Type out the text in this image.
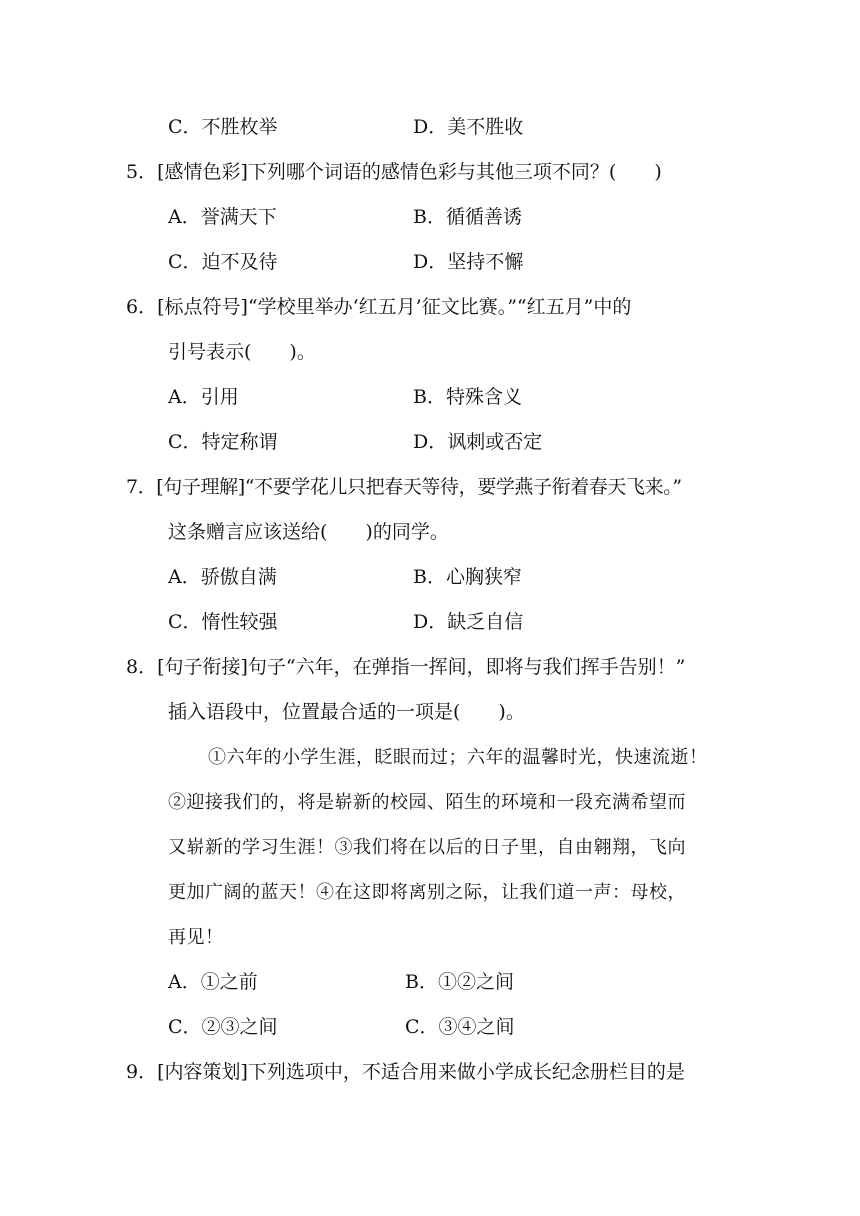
C．不胜枚举	D．美不胜收
5．[感情色彩]下列哪个词语的感情色彩与其他三项不同？(　　)
A．誉满天下	B．循循善诱
C．迫不及待	D．坚持不懈
6．[标点符号]“学校里举办‘红五月’征文比赛。”“红五月”中的
引号表示(　　)。
A．引用	B．特殊含义
C．特定称谓	D．讽刺或否定
7．[句子理解]“不要学花儿只把春天等待，要学燕子衔着春天飞来。”
这条赠言应该送给(　　)的同学。
A．骄傲自满	B．心胸狭窄
C．惰性较强	D．缺乏自信
8．[句子衔接]句子“六年，在弹指一挥间，即将与我们挥手告别！”
插入语段中，位置最合适的一项是(　　)。
①六年的小学生涯，眨眼而过；六年的温馨时光，快速流逝！
②迎接我们的，将是崭新的校园、陌生的环境和一段充满希望而
又崭新的学习生涯！③我们将在以后的日子里，自由翱翔，飞向
更加广阔的蓝天！④在这即将离别之际，让我们道一声：母校，
再见！
A．①之前	B．①②之间
C．②③之间	C．③④之间
9．[内容策划]下列选项中，不适合用来做小学成长纪念册栏目的是
